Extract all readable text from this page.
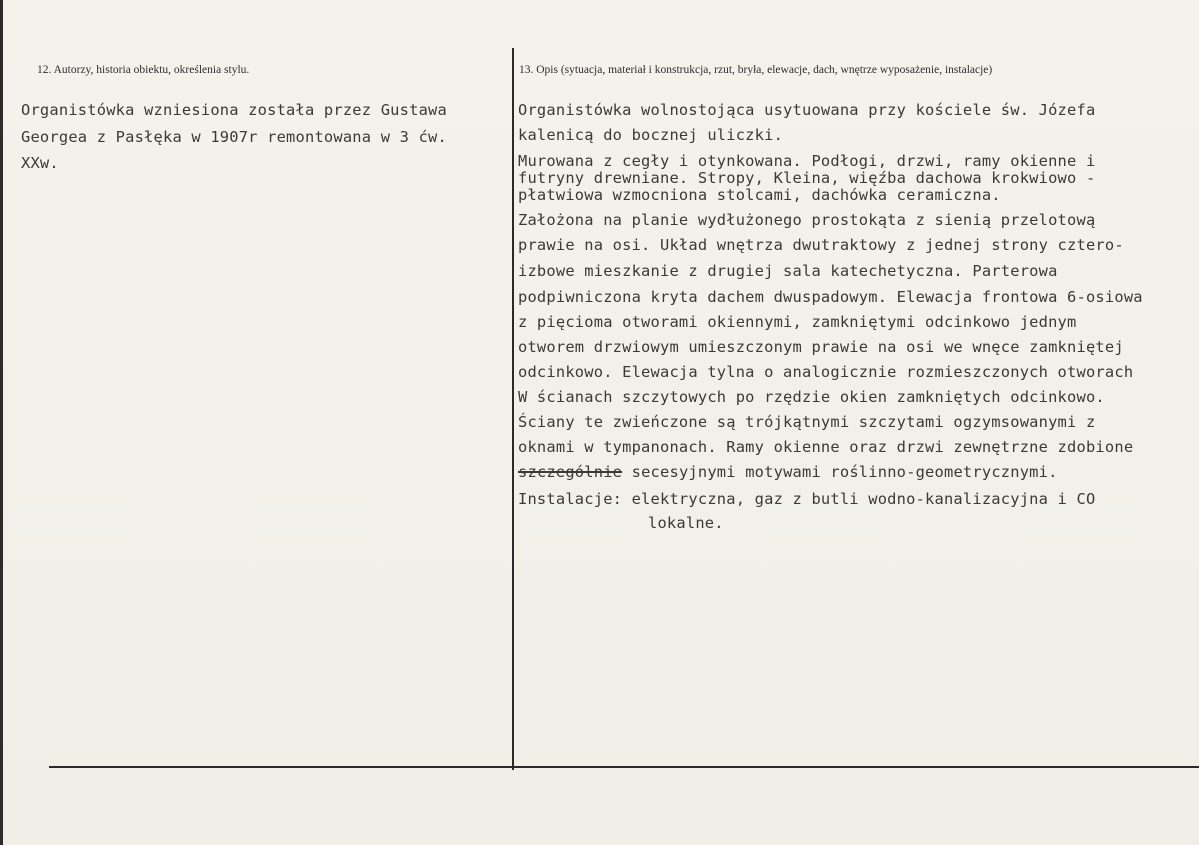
12. Autorzy, historia obiektu, określenia stylu.	13. Opis (sytuacja, materiał i konstrukcja, rzut, bryła, elewacje, dach, wnętrze wyposażenie, instalacje)
Organistówka wzniesiona została przez Gustawa
Georgea z Pasłęka w 1907r remontowana w 3 ćw.
XXw.
Organistówka wolnostojąca usytuowana przy kościele św. Józefa
kalenicą do bocznej uliczki.
Murowana z cegły i otynkowana. Podłogi, drzwi, ramy okienne i
futryny drewniane. Stropy, Kleina, więźba dachowa krokwiowo -
płatwiowa wzmocniona stolcami, dachówka ceramiczna.
Założona na planie wydłużonego prostokąta z sienią przelotową
prawie na osi. Układ wnętrza dwutraktowy z jednej strony cztero-
izbowe mieszkanie z drugiej sala katechetyczna. Parterowa
podpiwniczona kryta dachem dwuspadowym. Elewacja frontowa 6-osiowa
z pięcioma otworami okiennymi, zamkniętymi odcinkowo jednym
otworem drzwiowym umieszczonym prawie na osi we wnęce zamkniętej
odcinkowo. Elewacja tylna o analogicznie rozmieszczonych otworach
W ścianach szczytowych po rzędzie okien zamkniętych odcinkowo.
Ściany te zwieńczone są trójkątnymi szczytami ogzymsowanymi z
oknami w tympanonach. Ramy okienne oraz drzwi zewnętrzne zdobione
szczególnie secesyjnymi motywami roślinno-geometrycznymi.
Instalacje: elektryczna, gaz z butli wodno-kanalizacyjna i CO
lokalne.
